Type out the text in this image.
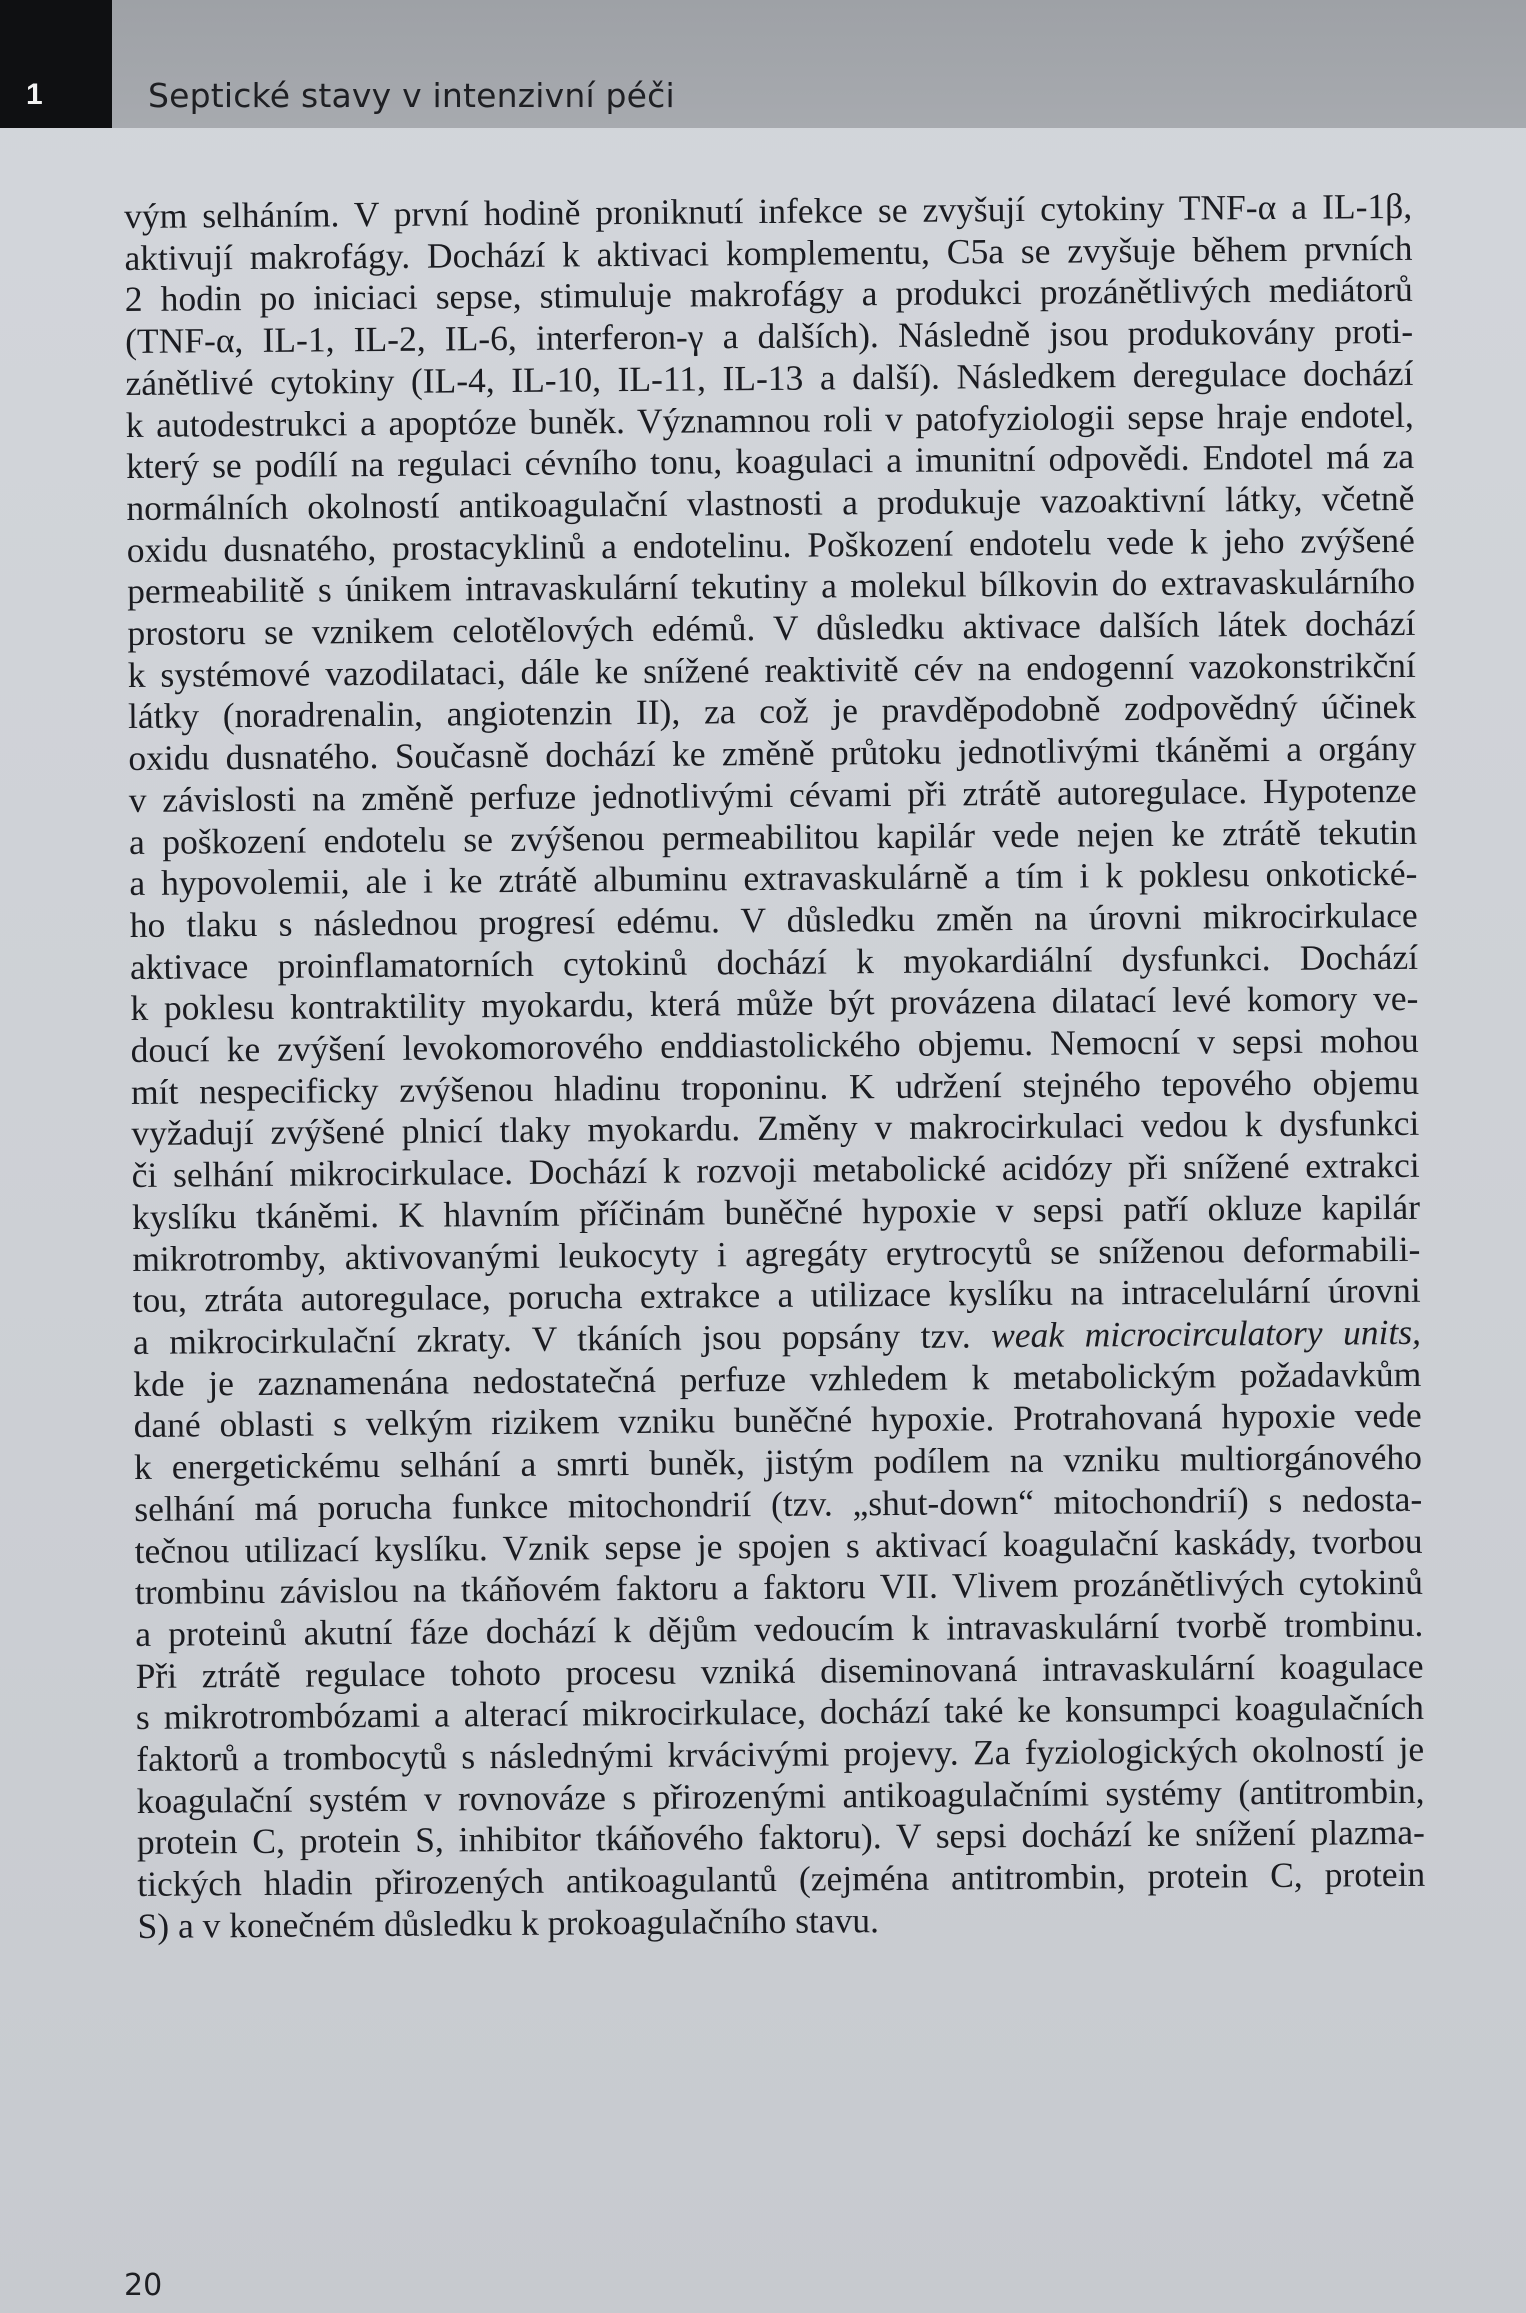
1	Septické stavy v intenzivní péči
vým selháním. V první hodině proniknutí infekce se zvyšují cytokiny TNF-α a IL-1β,
aktivují makrofágy. Dochází k aktivaci komplementu, C5a se zvyšuje během prvních
2 hodin po iniciaci sepse, stimuluje makrofágy a produkci prozánětlivých mediátorů
(TNF-α, IL-1, IL-2, IL-6, interferon-γ a dalších). Následně jsou produkovány proti-
zánětlivé cytokiny (IL-4, IL-10, IL-11, IL-13 a další). Následkem deregulace dochází
k autodestrukci a apoptóze buněk. Významnou roli v patofyziologii sepse hraje endotel,
který se podílí na regulaci cévního tonu, koagulaci a imunitní odpovědi. Endotel má za
normálních okolností antikoagulační vlastnosti a produkuje vazoaktivní látky, včetně
oxidu dusnatého, prostacyklinů a endotelinu. Poškození endotelu vede k jeho zvýšené
permeabilitě s únikem intravaskulární tekutiny a molekul bílkovin do extravaskulárního
prostoru se vznikem celotělových edémů. V důsledku aktivace dalších látek dochází
k systémové vazodilataci, dále ke snížené reaktivitě cév na endogenní vazokonstrikční
látky (noradrenalin, angiotenzin II), za což je pravděpodobně zodpovědný účinek
oxidu dusnatého. Současně dochází ke změně průtoku jednotlivými tkáněmi a orgány
v závislosti na změně perfuze jednotlivými cévami při ztrátě autoregulace. Hypotenze
a poškození endotelu se zvýšenou permeabilitou kapilár vede nejen ke ztrátě tekutin
a hypovolemii, ale i ke ztrátě albuminu extravaskulárně a tím i k poklesu onkotické-
ho tlaku s následnou progresí edému. V důsledku změn na úrovni mikrocirkulace
aktivace proinflamatorních cytokinů dochází k myokardiální dysfunkci. Dochází
k poklesu kontraktility myokardu, která může být provázena dilatací levé komory ve-
doucí ke zvýšení levokomorového enddiastolického objemu. Nemocní v sepsi mohou
mít nespecificky zvýšenou hladinu troponinu. K udržení stejného tepového objemu
vyžadují zvýšené plnicí tlaky myokardu. Změny v makrocirkulaci vedou k dysfunkci
či selhání mikrocirkulace. Dochází k rozvoji metabolické acidózy při snížené extrakci
kyslíku tkáněmi. K hlavním příčinám buněčné hypoxie v sepsi patří okluze kapilár
mikrotromby, aktivovanými leukocyty i agregáty erytrocytů se sníženou deformabili-
tou, ztráta autoregulace, porucha extrakce a utilizace kyslíku na intracelulární úrovni
a mikrocirkulační zkraty. V tkáních jsou popsány tzv. weak microcirculatory units,
kde je zaznamenána nedostatečná perfuze vzhledem k metabolickým požadavkům
dané oblasti s velkým rizikem vzniku buněčné hypoxie. Protrahovaná hypoxie vede
k energetickému selhání a smrti buněk, jistým podílem na vzniku multiorgánového
selhání má porucha funkce mitochondrií (tzv. „shut-down“ mitochondrií) s nedosta-
tečnou utilizací kyslíku. Vznik sepse je spojen s aktivací koagulační kaskády, tvorbou
trombinu závislou na tkáňovém faktoru a faktoru VII. Vlivem prozánětlivých cytokinů
a proteinů akutní fáze dochází k dějům vedoucím k intravaskulární tvorbě trombinu.
Při ztrátě regulace tohoto procesu vzniká diseminovaná intravaskulární koagulace
s mikrotrombózami a alterací mikrocirkulace, dochází také ke konsumpci koagulačních
faktorů a trombocytů s následnými krvácivými projevy. Za fyziologických okolností je
koagulační systém v rovnováze s přirozenými antikoagulačními systémy (antitrombin,
protein C, protein S, inhibitor tkáňového faktoru). V sepsi dochází ke snížení plazma-
tických hladin přirozených antikoagulantů (zejména antitrombin, protein C, protein
S) a v konečném důsledku k prokoagulačního stavu.
20
